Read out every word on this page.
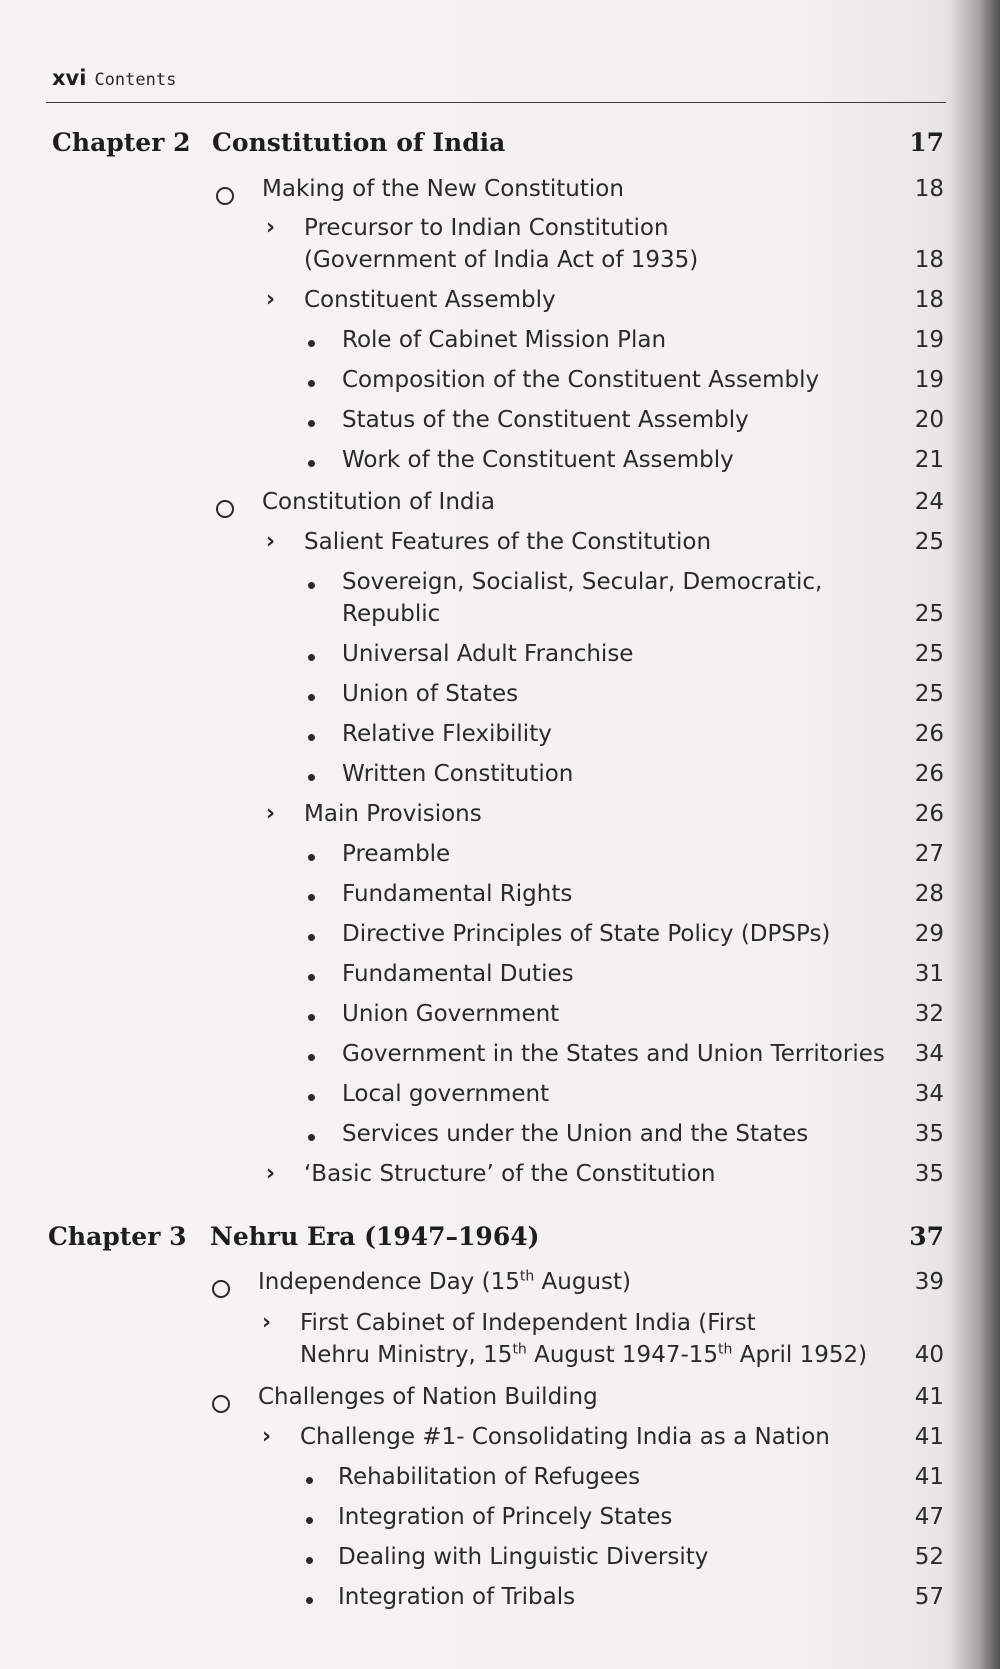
xvi Contents
Chapter 2 Constitution of India	17
Making of the New Constitution	18
› Precursor to Indian Constitution
(Government of India Act of 1935)	18
› Constituent Assembly	18
Role of Cabinet Mission Plan	19
Composition of the Constituent Assembly	19
Status of the Constituent Assembly	20
Work of the Constituent Assembly	21
Constitution of India	24
› Salient Features of the Constitution	25
Sovereign, Socialist, Secular, Democratic,
Republic	25
Universal Adult Franchise	25
Union of States	25
Relative Flexibility	26
Written Constitution	26
› Main Provisions	26
Preamble	27
Fundamental Rights	28
Directive Principles of State Policy (DPSPs)	29
Fundamental Duties	31
Union Government	32
Government in the States and Union Territories	34
Local government	34
Services under the Union and the States	35
› ‘Basic Structure’ of the Constitution	35
Chapter 3 Nehru Era (1947–1964)	37
Independence Day (15th August)	39
› First Cabinet of Independent India (First
Nehru Ministry, 15th August 1947-15th April 1952)	40
Challenges of Nation Building	41
› Challenge #1- Consolidating India as a Nation	41
Rehabilitation of Refugees	41
Integration of Princely States	47
Dealing with Linguistic Diversity	52
Integration of Tribals	57
